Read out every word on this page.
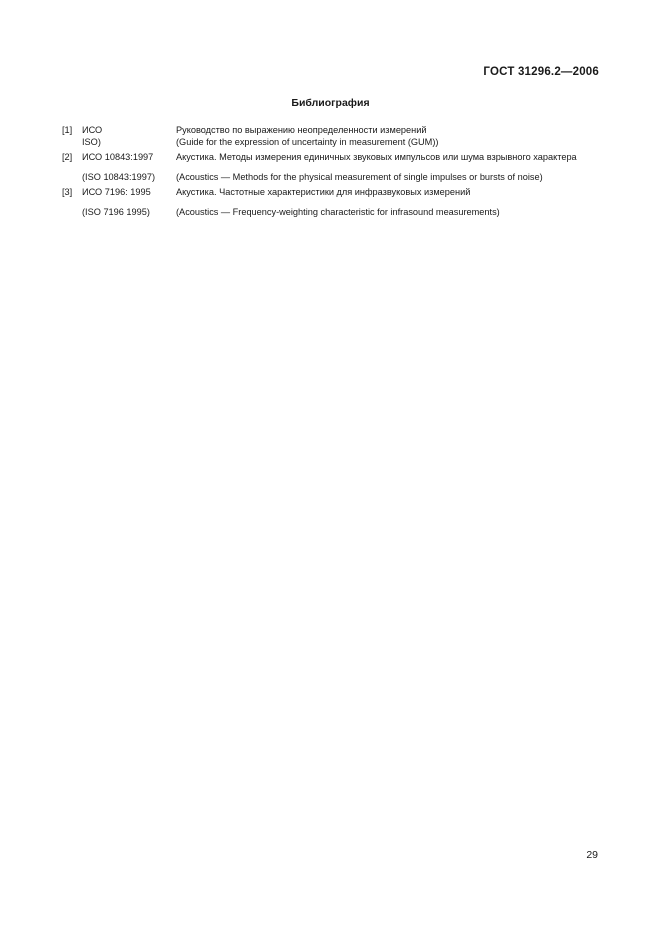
ГОСТ 31296.2—2006
Библиография
[1]	ИСО	Руководство по выражению неопределенности измерений
ISO)	(Guide for the expression of uncertainty in measurement (GUM))
[2]	ИСО 10843:1997	Акустика. Методы измерения единичных звуковых импульсов или шума взрывного характера
(ISO 10843:1997)	(Acoustics — Methods for the physical measurement of single impulses or bursts of noise)
[3]	ИСО 7196: 1995	Акустика. Частотные характеристики для инфразвуковых измерений
(ISO 7196 1995)	(Acoustics — Frequency-weighting characteristic for infrasound measurements)
29
